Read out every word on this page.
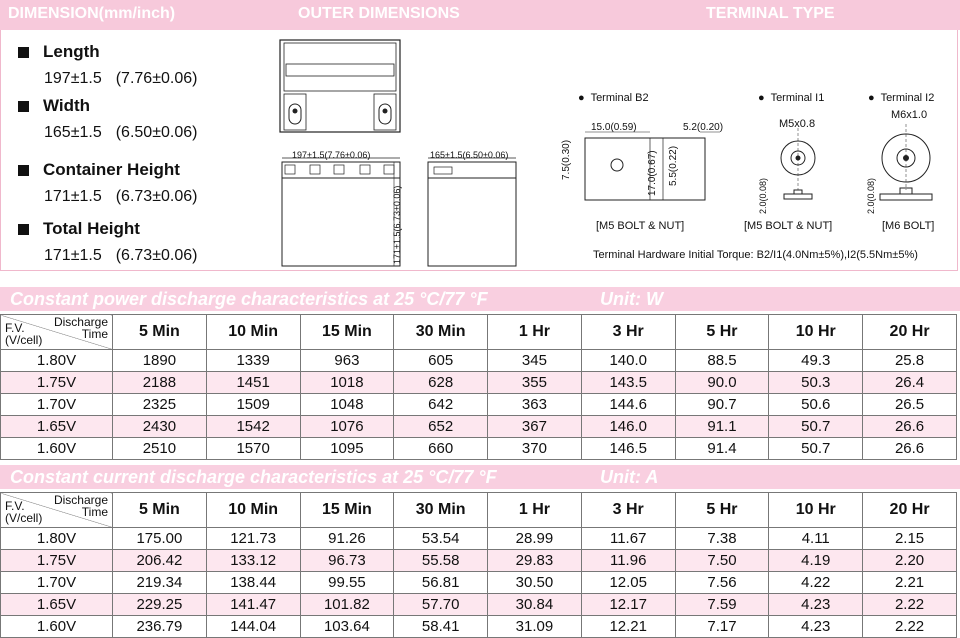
DIMENSION(mm/inch)	OUTER DIMENSIONS	TERMINAL TYPE
Length
197±1.5 (7.76±0.06)
Width
165±1.5 (6.50±0.06)
Container Height
171±1.5 (6.73±0.06)
Total Height
171±1.5 (6.73±0.06)
197±1.5(7.76±0.06)	165±1.5(6.50±0.06)
171±1.5(6.73±0.06)
●  Terminal B2	●  Terminal I1	●  Terminal I2
15.0(0.59)	5.2(0.20)
7.5(0.30)	17.0(0.67) 5.5(0.22)
[M5 BOLT & NUT]
M5x0.8
2.0(0.08)
[M5 BOLT & NUT]
M6x1.0
2.0(0.08)
[M6 BOLT]
Terminal Hardware Initial Torque: B2/I1(4.0Nm±5%),I2(5.5Nm±5%)
Constant power discharge characteristics at 25 °C/77 °F	Unit: W
Discharge
Time
F.V.
(V/cell)	5 Min	10 Min	15 Min	30 Min	1 Hr	3 Hr	5 Hr	10 Hr	20 Hr
1.80V	1890	1339	963	605	345	140.0	88.5	49.3	25.8
1.75V	2188	1451	1018	628	355	143.5	90.0	50.3	26.4
1.70V	2325	1509	1048	642	363	144.6	90.7	50.6	26.5
1.65V	2430	1542	1076	652	367	146.0	91.1	50.7	26.6
1.60V	2510	1570	1095	660	370	146.5	91.4	50.7	26.6
Constant current discharge characteristics at 25 °C/77 °F	Unit: A
Discharge
Time
F.V.
(V/cell)	5 Min	10 Min	15 Min	30 Min	1 Hr	3 Hr	5 Hr	10 Hr	20 Hr
1.80V	175.00	121.73	91.26	53.54	28.99	11.67	7.38	4.11	2.15
1.75V	206.42	133.12	96.73	55.58	29.83	11.96	7.50	4.19	2.20
1.70V	219.34	138.44	99.55	56.81	30.50	12.05	7.56	4.22	2.21
1.65V	229.25	141.47	101.82	57.70	30.84	12.17	7.59	4.23	2.22
1.60V	236.79	144.04	103.64	58.41	31.09	12.21	7.17	4.23	2.22
